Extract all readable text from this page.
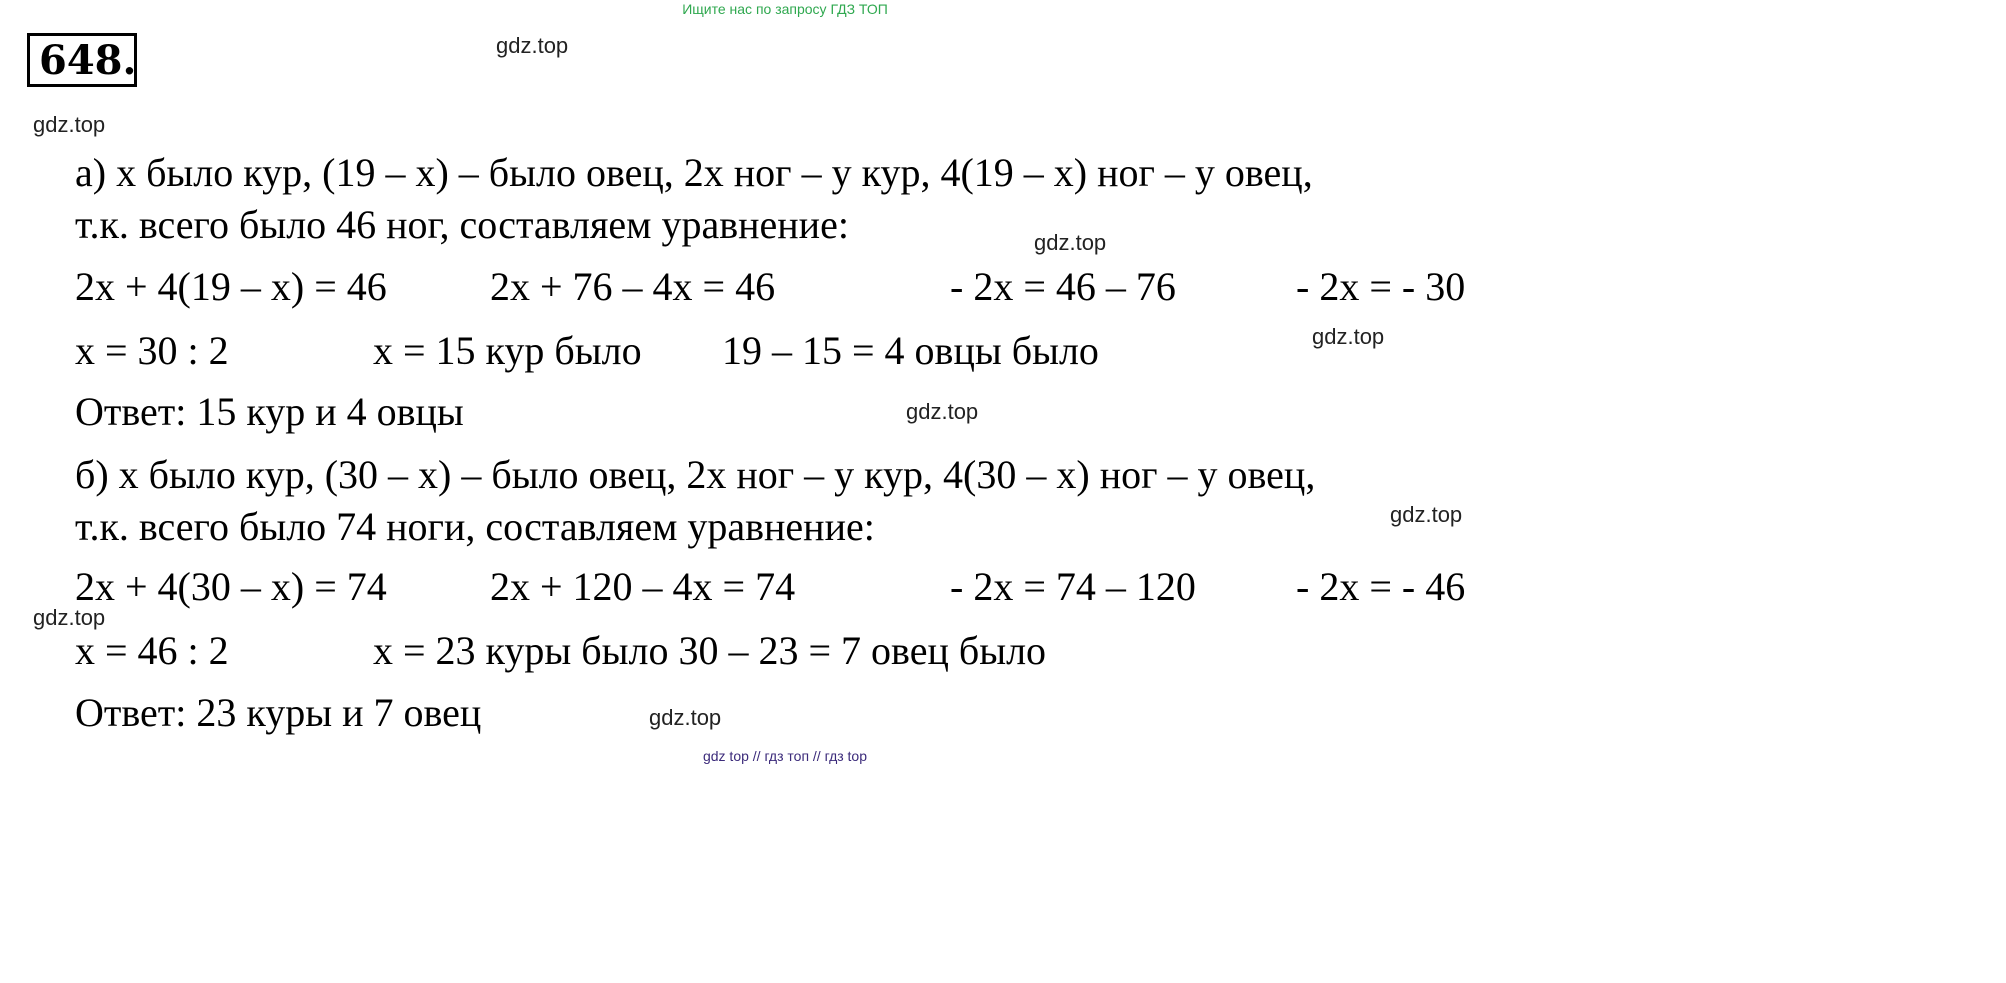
Ищите нас по запросу ГДЗ ТОП
648.	gdz.top
gdz.top
gdz.top
gdz.top
gdz.top
gdz.top
gdz.top
gdz.top
а) х было кур, (19 – х) – было овец, 2х ног – у кур, 4(19 – х) ног – у овец,
т.к. всего было 46 ног, составляем уравнение:
2х + 4(19 – х) = 46	2х + 76 – 4х = 46	- 2х = 46 – 76	- 2х = - 30
х = 30 : 2	х = 15 кур было 19 – 15 = 4 овцы было
Ответ: 15 кур и 4 овцы
б) х было кур, (30 – х) – было овец, 2х ног – у кур, 4(30 – х) ног – у овец,
т.к. всего было 74 ноги, составляем уравнение:
2х + 4(30 – х) = 74	2х + 120 – 4х = 74	- 2х = 74 – 120	- 2х = - 46
х = 46 : 2	х = 23 куры было 30 – 23 = 7 овец было
Ответ: 23 куры и 7 овец
gdz top // гдз топ // гдз top
